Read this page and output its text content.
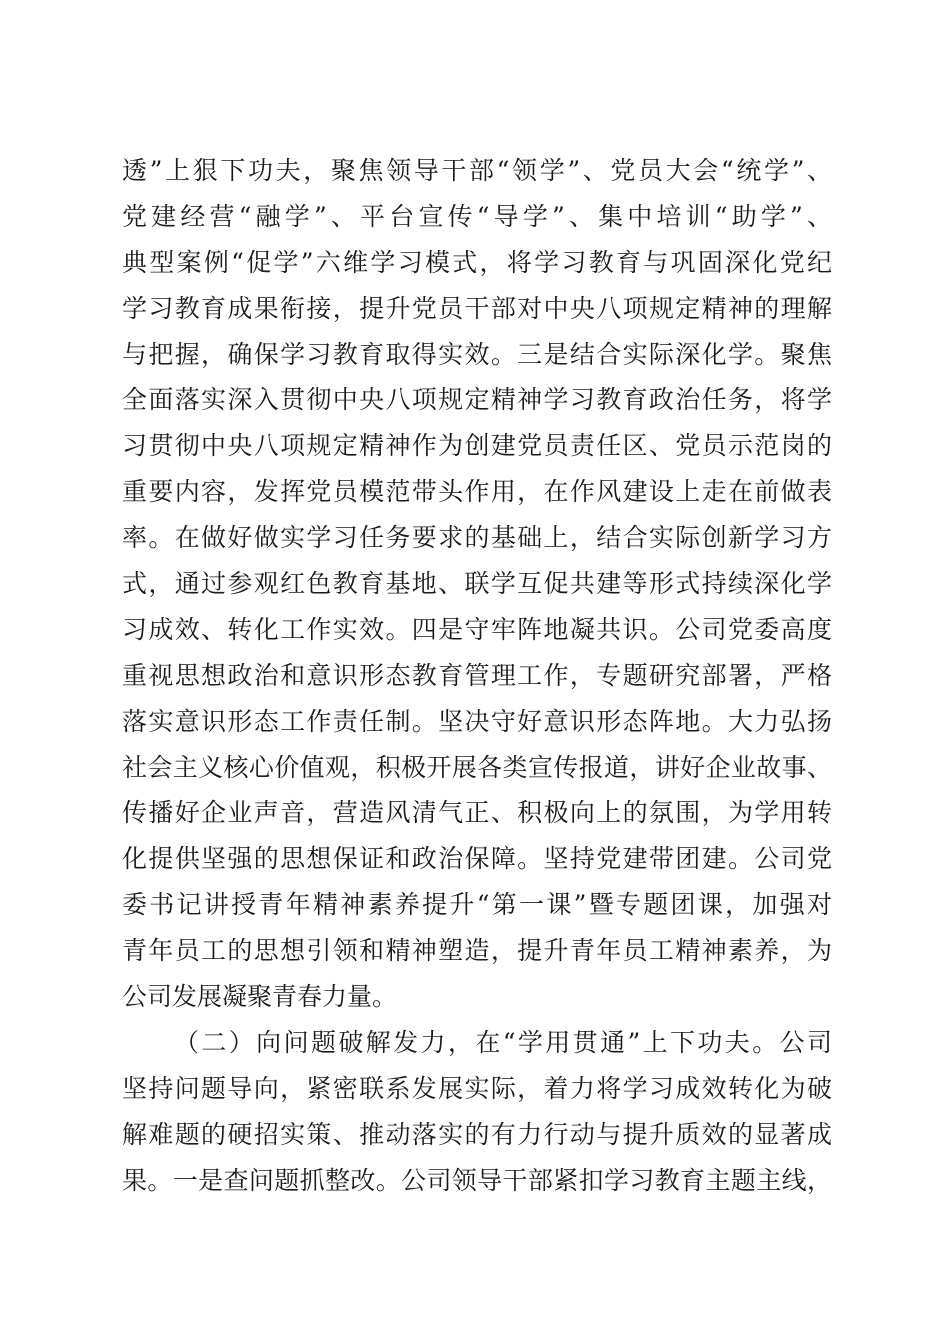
透”上狠下功夫，聚焦领导干部“领学”、党员大会“统学”、
党建经营“融学”、平台宣传“导学”、集中培训“助学”、
典型案例“促学”六维学习模式，将学习教育与巩固深化党纪
学习教育成果衔接，提升党员干部对中央八项规定精神的理解
与把握，确保学习教育取得实效。三是结合实际深化学。聚焦
全面落实深入贯彻中央八项规定精神学习教育政治任务，将学
习贯彻中央八项规定精神作为创建党员责任区、党员示范岗的
重要内容，发挥党员模范带头作用，在作风建设上走在前做表
率。在做好做实学习任务要求的基础上，结合实际创新学习方
式，通过参观红色教育基地、联学互促共建等形式持续深化学
习成效、转化工作实效。四是守牢阵地凝共识。公司党委高度
重视思想政治和意识形态教育管理工作，专题研究部署，严格
落实意识形态工作责任制。坚决守好意识形态阵地。大力弘扬
社会主义核心价值观，积极开展各类宣传报道，讲好企业故事、
传播好企业声音，营造风清气正、积极向上的氛围，为学用转
化提供坚强的思想保证和政治保障。坚持党建带团建。公司党
委书记讲授青年精神素养提升“第一课”暨专题团课，加强对
青年员工的思想引领和精神塑造，提升青年员工精神素养，为
公司发展凝聚青春力量。
（二）向问题破解发力，在“学用贯通”上下功夫。公司
坚持问题导向，紧密联系发展实际，着力将学习成效转化为破
解难题的硬招实策、推动落实的有力行动与提升质效的显著成
果。一是查问题抓整改。公司领导干部紧扣学习教育主题主线，
